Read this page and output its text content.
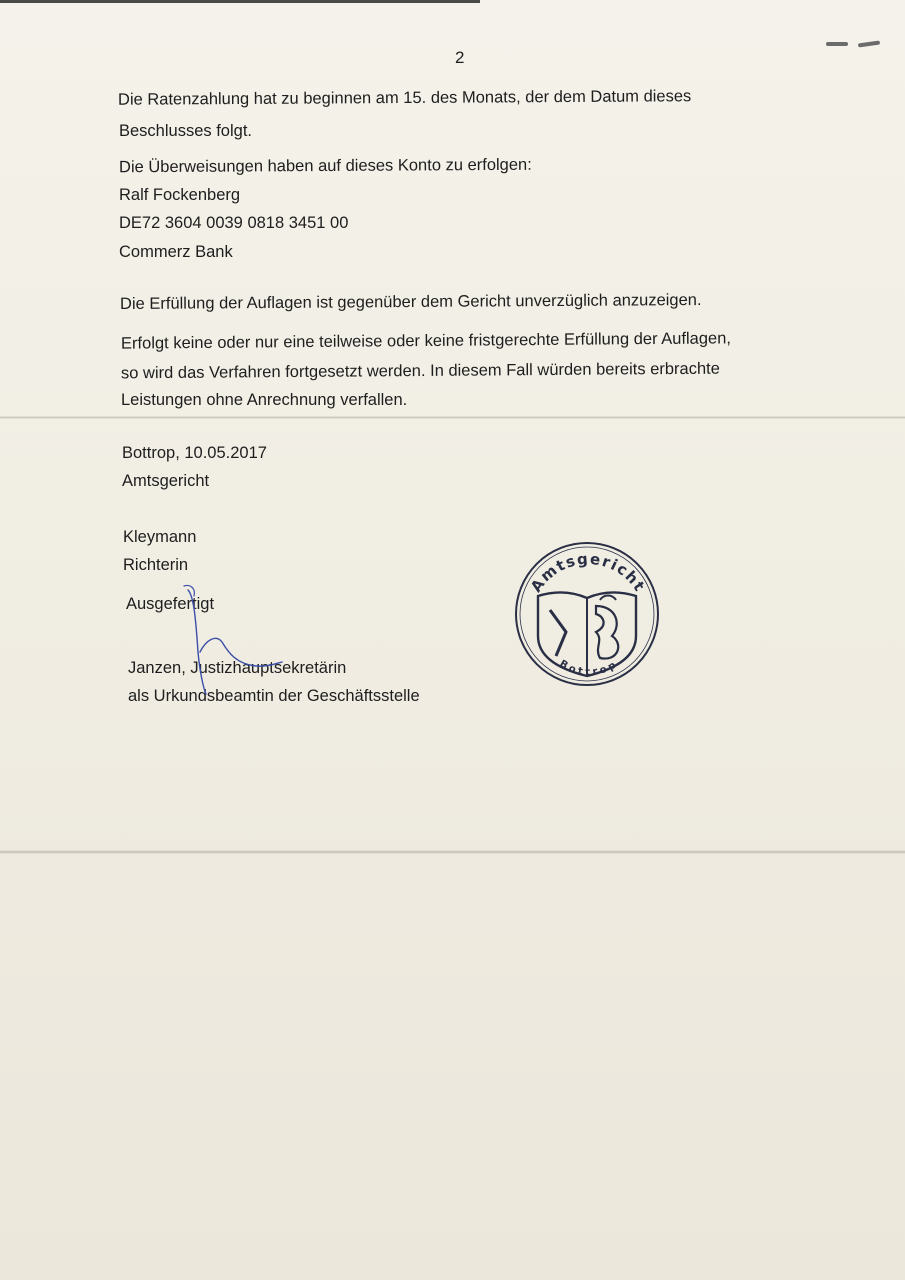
2
Die Ratenzahlung hat zu beginnen am 15. des Monats, der dem Datum dieses
Beschlusses folgt.
Die Überweisungen haben auf dieses Konto zu erfolgen:
Ralf Fockenberg
DE72 3604 0039 0818 3451 00
Commerz Bank
Die Erfüllung der Auflagen ist gegenüber dem Gericht unverzüglich anzuzeigen.
Erfolgt keine oder nur eine teilweise oder keine fristgerechte Erfüllung der Auflagen,
so wird das Verfahren fortgesetzt werden. In diesem Fall würden bereits erbrachte
Leistungen ohne Anrechnung verfallen.
Bottrop, 10.05.2017
Amtsgericht
Kleymann
Richterin
Ausgefertigt
Janzen, Justizhauptsekretärin
als Urkundsbeamtin der Geschäftsstelle
Amtsgericht
Bottrop
